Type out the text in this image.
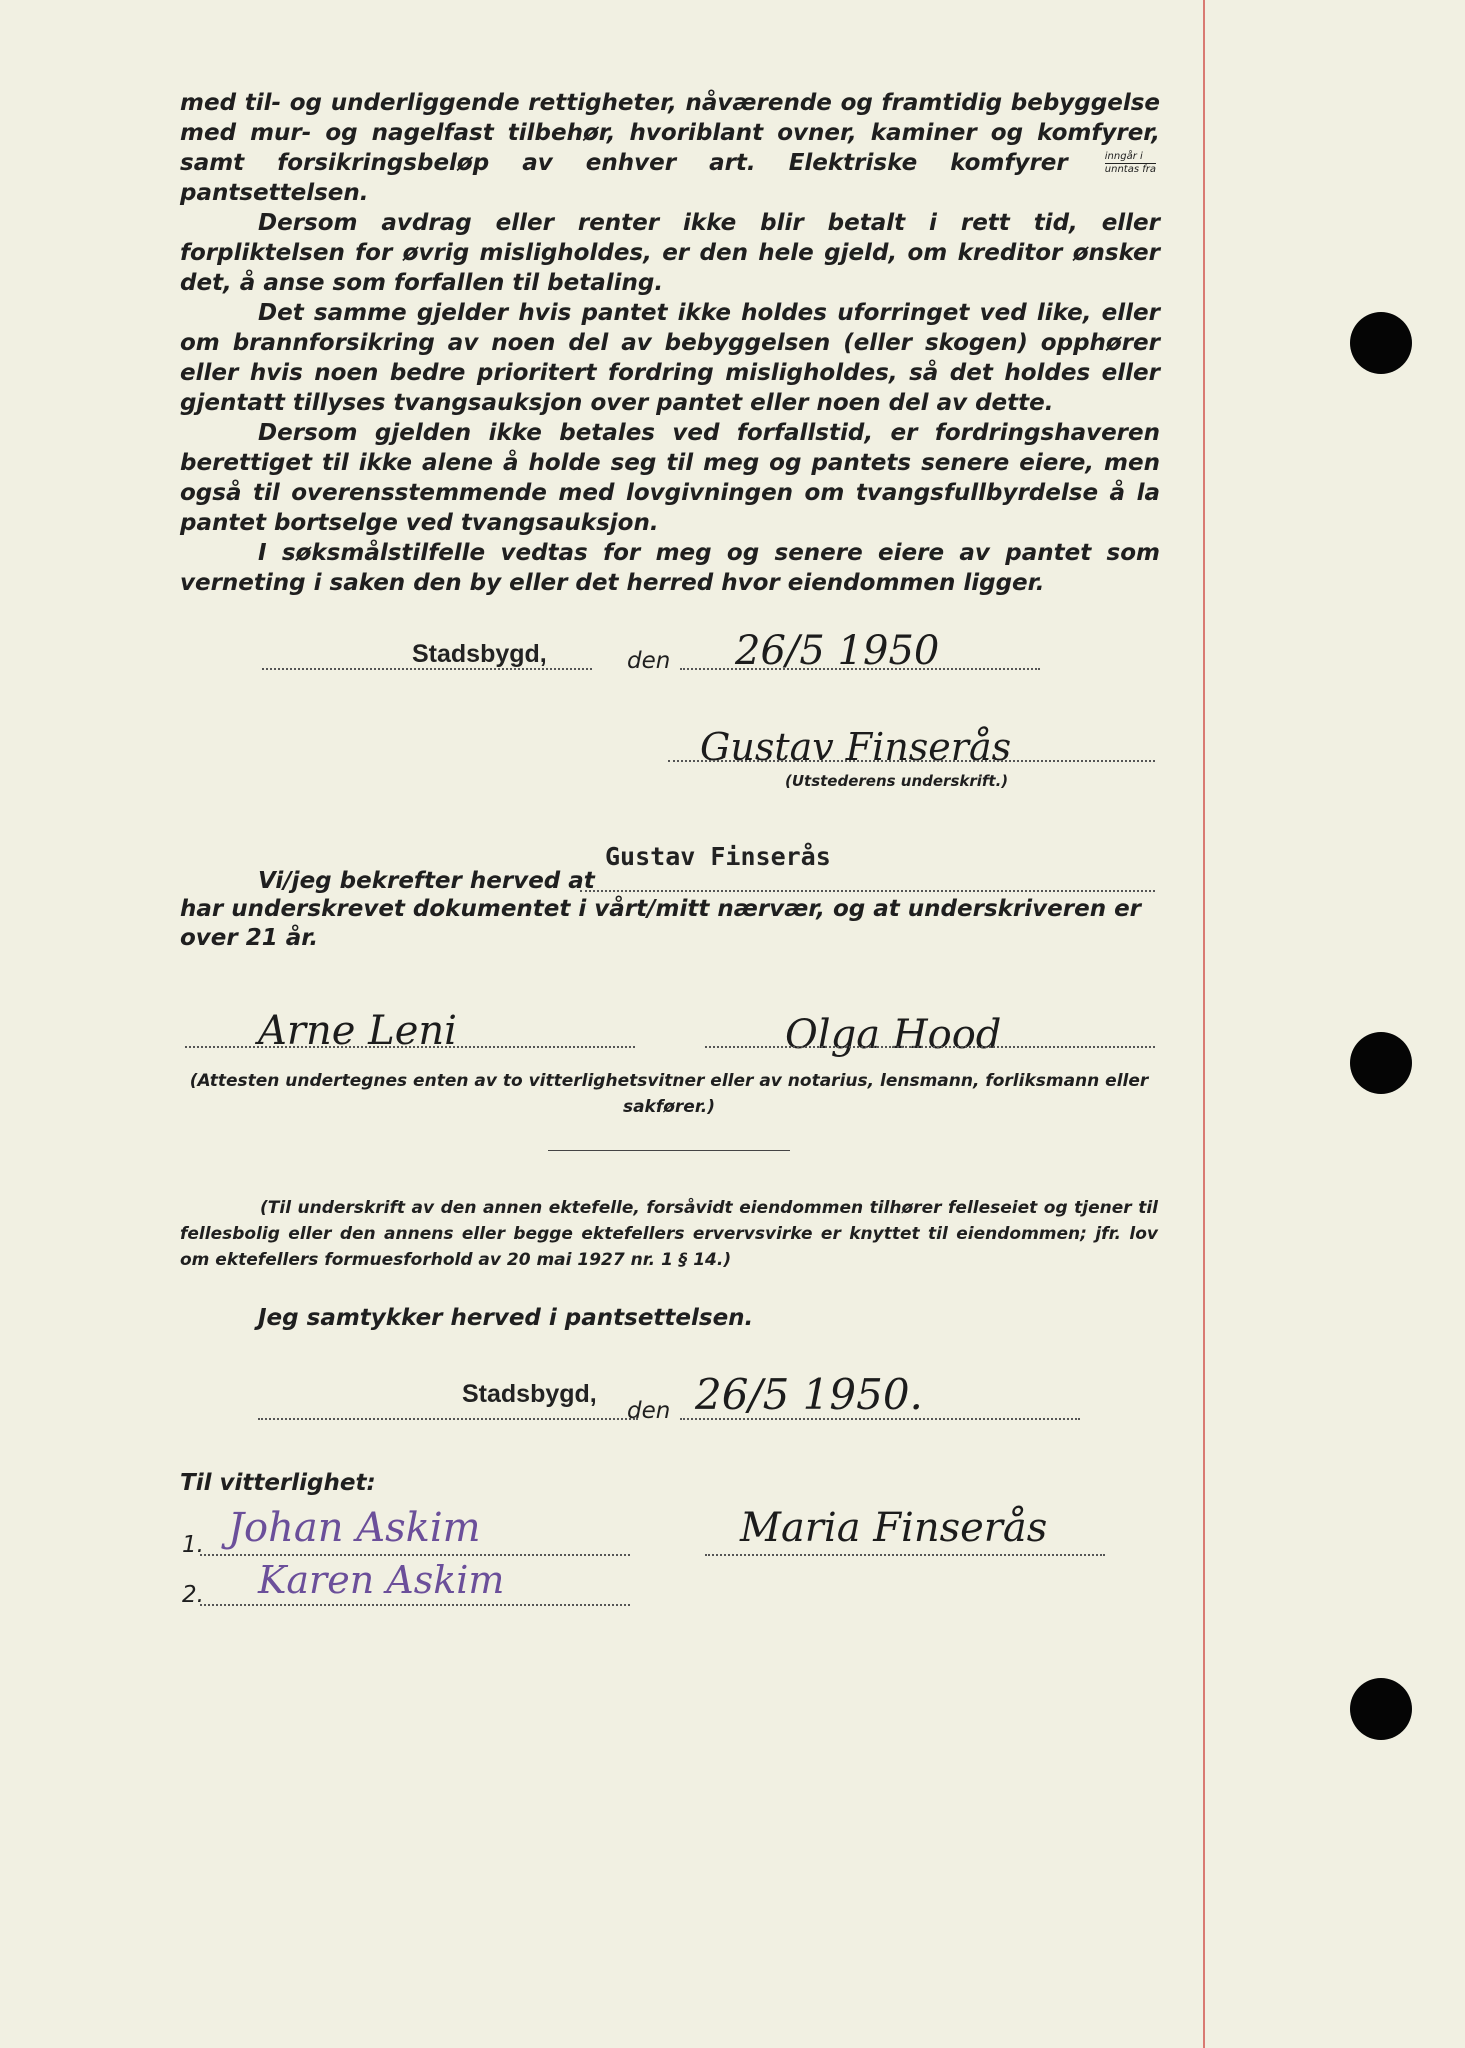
med til- og underliggende rettigheter, nåværende og framtidig bebyggelse med mur- og nagelfast tilbehør, hvoriblant ovner, kaminer og komfyrer, samt forsikringsbeløp av enhver art. Elektriske komfyrer	$\frac{\text{inngår i}}{\text{unntas fra}}$
pantsettelsen.

Dersom avdrag eller renter ikke blir betalt i rett tid, eller forpliktelsen for øvrig misligholdes, er den hele gjeld, om kreditor ønsker det, å anse som forfallen til betaling.

Det samme gjelder hvis pantet ikke holdes uforringet ved like, eller om brannforsikring av noen del av bebyggelsen (eller skogen) opphører eller hvis noen bedre prioritert fordring misligholdes, så det holdes eller gjentatt tillyses tvangsauksjon over pantet eller noen del av dette.

Dersom gjelden ikke betales ved forfallstid, er fordringshaveren berettiget til ikke alene å holde seg til meg og pantets senere eiere, men også til overensstemmende med lovgivningen om tvangsfullbyrdelse å la pantet bortselge ved tvangsauksjon.

I søksmålstilfelle vedtas for meg og senere eiere av pantet som verneting i saken den by eller det herred hvor eiendommen ligger.

Stadsbygd,	den 26/5 1950
Gustav Finserås
(Utstederens underskrift.)
Vi/jeg bekrefter herved at
Gustav Finserås
har underskrevet dokumentet i vårt/mitt nærvær, og at underskriveren er
over 21 år.
Arne Leni	Olga Hood
(Attesten undertegnes enten av to vitterlighetsvitner eller av notarius, lensmann, forliksmann eller sakfører.)
(Til underskrift av den annen ektefelle, forsåvidt eiendommen tilhører felleseiet og tjener til fellesbolig eller den annens eller begge ektefellers ervervsvirke er knyttet til eiendommen; jfr. lov om ektefellers formuesforhold av 20 mai 1927 nr. 1 § 14.)
Jeg samtykker herved i pantsettelsen.
Stadsbygd,
den 26/5 1950.
Til vitterlighet:
1. Johan Askim
2. Karen Askim
Maria Finserås
